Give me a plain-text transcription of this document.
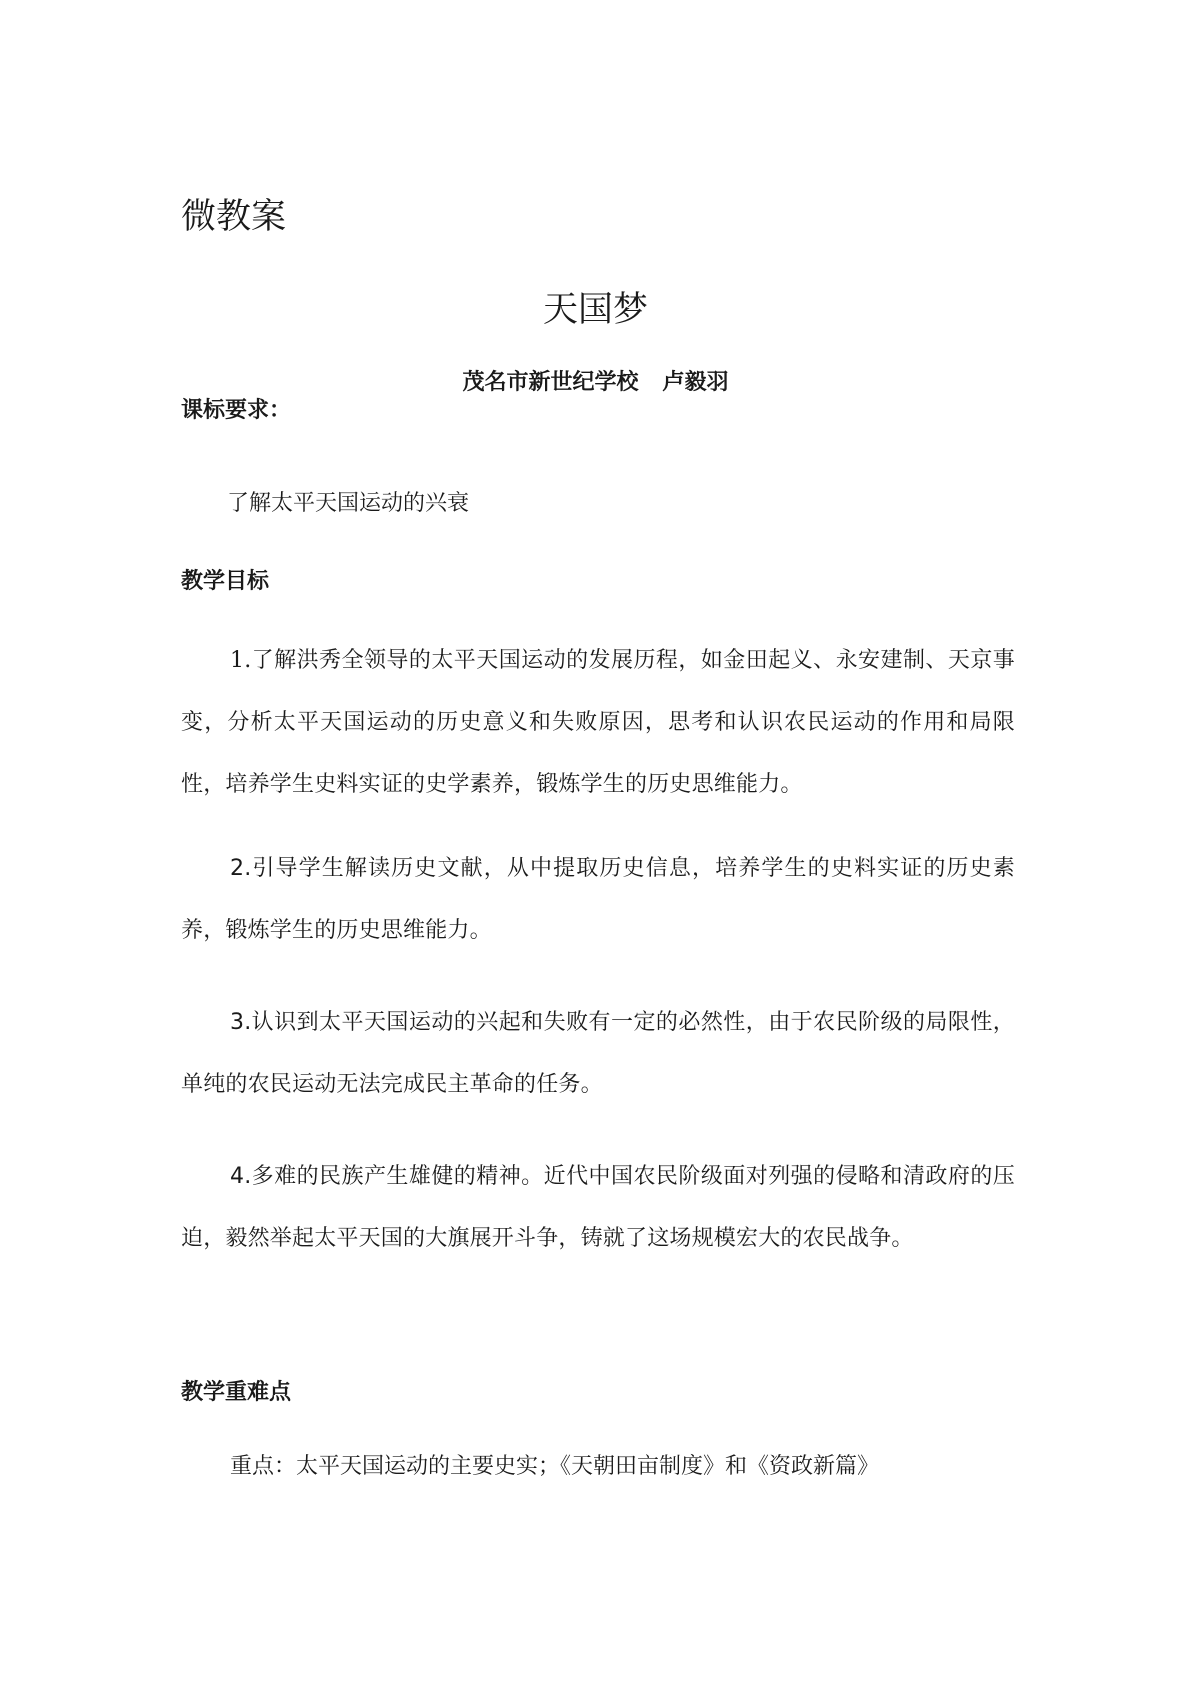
微教案
天国梦
茂名市新世纪学校 卢毅羽
课标要求：
了解太平天国运动的兴衰
教学目标

1.了解洪秀全领导的太平天国运动的发展历程，如金田起义、永安建制、天京事变，分析太平天国运动的历史意义和失败原因，思考和认识农民运动的作用和局限性，培养学生史料实证的史学素养，锻炼学生的历史思维能力。

2.引导学生解读历史文献，从中提取历史信息，培养学生的史料实证的历史素养，锻炼学生的历史思维能力。

3.认识到太平天国运动的兴起和失败有一定的必然性，由于农民阶级的局限性，单纯的农民运动无法完成民主革命的任务。

4.多难的民族产生雄健的精神。近代中国农民阶级面对列强的侵略和清政府的压迫，毅然举起太平天国的大旗展开斗争，铸就了这场规模宏大的农民战争。

教学重难点
重点：太平天国运动的主要史实；《天朝田亩制度》和《资政新篇》
